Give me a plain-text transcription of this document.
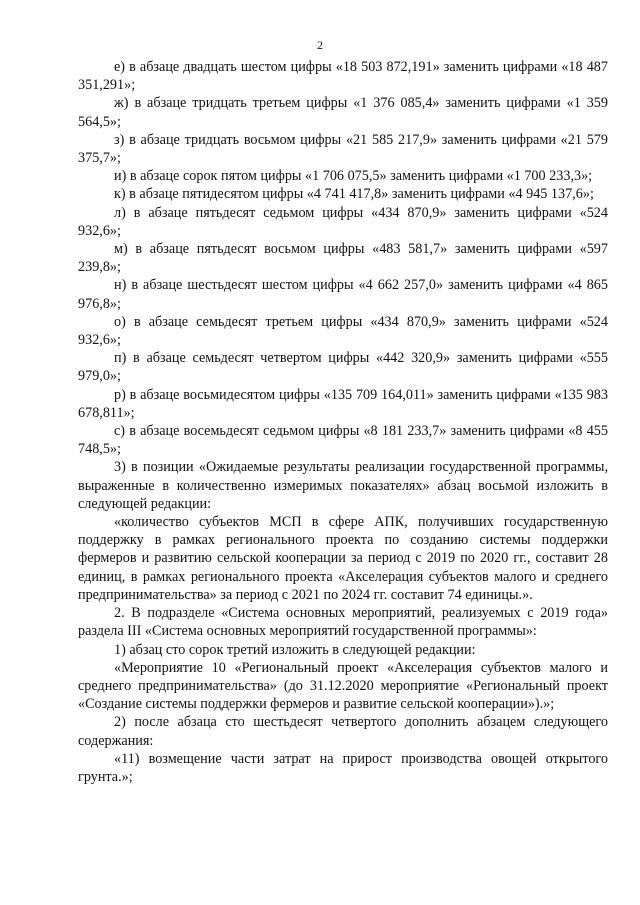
2

е) в абзаце двадцать шестом цифры «18 503 872,191» заменить цифрами «18 487 351,291»;

ж) в абзаце тридцать третьем цифры «1 376 085,4» заменить цифрами «1 359 564,5»;

з) в абзаце тридцать восьмом цифры «21 585 217,9» заменить цифрами «21 579 375,7»;

и) в абзаце сорок пятом цифры «1 706 075,5» заменить цифрами «1 700 233,3»;

к) в абзаце пятидесятом цифры «4 741 417,8» заменить цифрами «4 945 137,6»;

л) в абзаце пятьдесят седьмом цифры «434 870,9» заменить цифрами «524 932,6»;

м) в абзаце пятьдесят восьмом цифры «483 581,7» заменить цифрами «597 239,8»;

н) в абзаце шестьдесят шестом цифры «4 662 257,0» заменить цифрами «4 865 976,8»;

о) в абзаце семьдесят третьем цифры «434 870,9» заменить цифрами «524 932,6»;

п) в абзаце семьдесят четвертом цифры «442 320,9» заменить цифрами «555 979,0»;

р) в абзаце восьмидесятом цифры «135 709 164,011» заменить цифрами «135 983 678,811»;

с) в абзаце восемьдесят седьмом цифры «8 181 233,7» заменить цифрами «8 455 748,5»;

3) в позиции «Ожидаемые результаты реализации государственной программы, выраженные в количественно измеримых показателях» абзац восьмой изложить в следующей редакции:

«количество субъектов МСП в сфере АПК, получивших государственную поддержку в рамках регионального проекта по созданию системы поддержки фермеров и развитию сельской кооперации за период с 2019 по 2020 гг., составит 28 единиц, в рамках регионального проекта «Акселерация субъектов малого и среднего предпринимательства» за период с 2021 по 2024 гг. составит 74 единицы.».

2. В подразделе «Система основных мероприятий, реализуемых с 2019 года» раздела III «Система основных мероприятий государственной программы»:

1) абзац сто сорок третий изложить в следующей редакции:

«Мероприятие 10 «Региональный проект «Акселерация субъектов малого и среднего предпринимательства» (до 31.12.2020 мероприятие «Региональный проект «Создание системы поддержки фермеров и развитие сельской кооперации»).»;

2) после абзаца сто шестьдесят четвертого дополнить абзацем следующего содержания:

«11) возмещение части затрат на прирост производства овощей открытого грунта.»;
